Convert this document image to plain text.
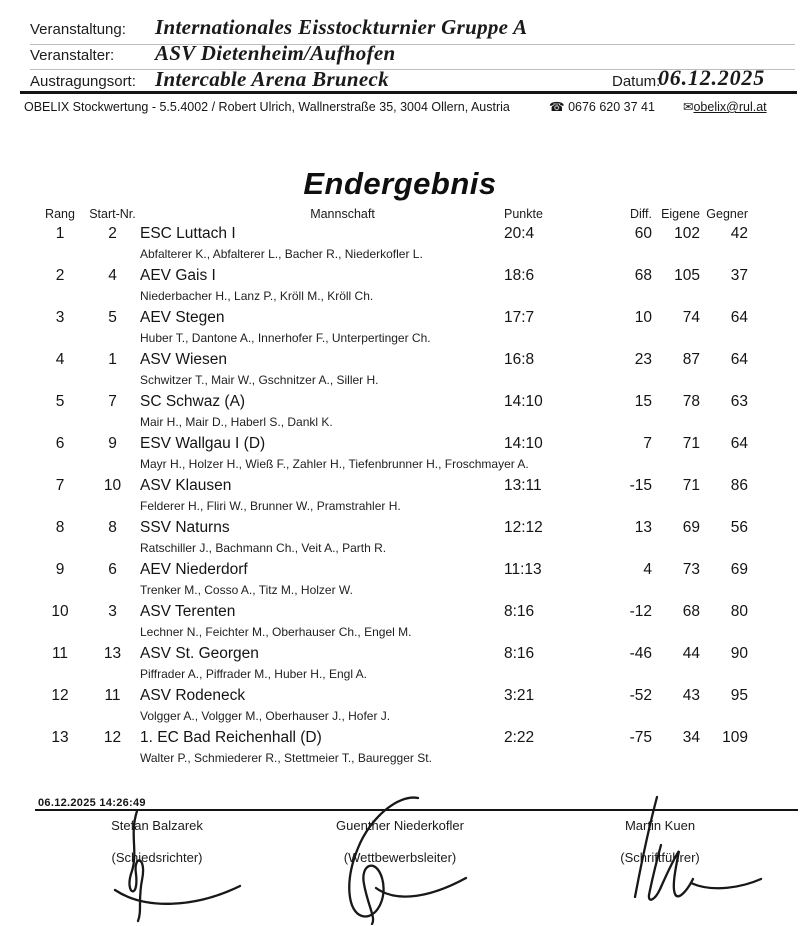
Veranstaltung: Internationales Eisstockturnier Gruppe A
Veranstalter: ASV Dietenheim/Aufhofen
Austragungsort: Intercable Arena Bruneck	Datum:
06.12.2025
OBELIX Stockwertung - 5.5.4002 / Robert Ulrich, Wallnerstraße 35, 3004 Ollern, Austria	☎ 0676 620 37 41 ✉obelix@rul.at
Endergebnis
Rang	Start-Nr.	Mannschaft	Punkte	Diff. Eigene Gegner
1	2	ESC Luttach I	20:4	60	102	42
Abfalterer K., Abfalterer L., Bacher R., Niederkofler L.
2	4	AEV Gais I	18:6	68	105	37
Niederbacher H., Lanz P., Kröll M., Kröll Ch.
3	5	AEV Stegen	17:7	10	74	64
Huber T., Dantone A., Innerhofer F., Unterpertinger Ch.
4	1	ASV Wiesen	16:8	23	87	64
Schwitzer T., Mair W., Gschnitzer A., Siller H.
5	7	SC Schwaz (A)	14:10	15	78	63
Mair H., Mair D., Haberl S., Dankl K.
6	9	ESV Wallgau I (D)	14:10	7	71	64
Mayr H., Holzer H., Wieß F., Zahler H., Tiefenbrunner H., Froschmayer A.
7	10	ASV Klausen	13:11	-15	71	86
Felderer H., Fliri W., Brunner W., Pramstrahler H.
8	8	SSV Naturns	12:12	13	69	56
Ratschiller J., Bachmann Ch., Veit A., Parth R.
9	6	AEV Niederdorf	11:13	4	73	69
Trenker M., Cosso A., Titz M., Holzer W.
10	3	ASV Terenten	8:16	-12	68	80
Lechner N., Feichter M., Oberhauser Ch., Engel M.
11	13	ASV St. Georgen	8:16	-46	44	90
Piffrader A., Piffrader M., Huber H., Engl A.
12	11	ASV Rodeneck	3:21	-52	43	95
Volgger A., Volgger M., Oberhauser J., Hofer J.
13	12	1. EC Bad Reichenhall (D)	2:22	-75	34	109
Walter P., Schmiederer R., Stettmeier T., Bauregger St.
06.12.2025 14:26:49
Stefan Balzarek
(Schiedsrichter)
Guenther Niederkofler
(Wettbewerbsleiter)
Martin Kuen
(Schriftführer)
